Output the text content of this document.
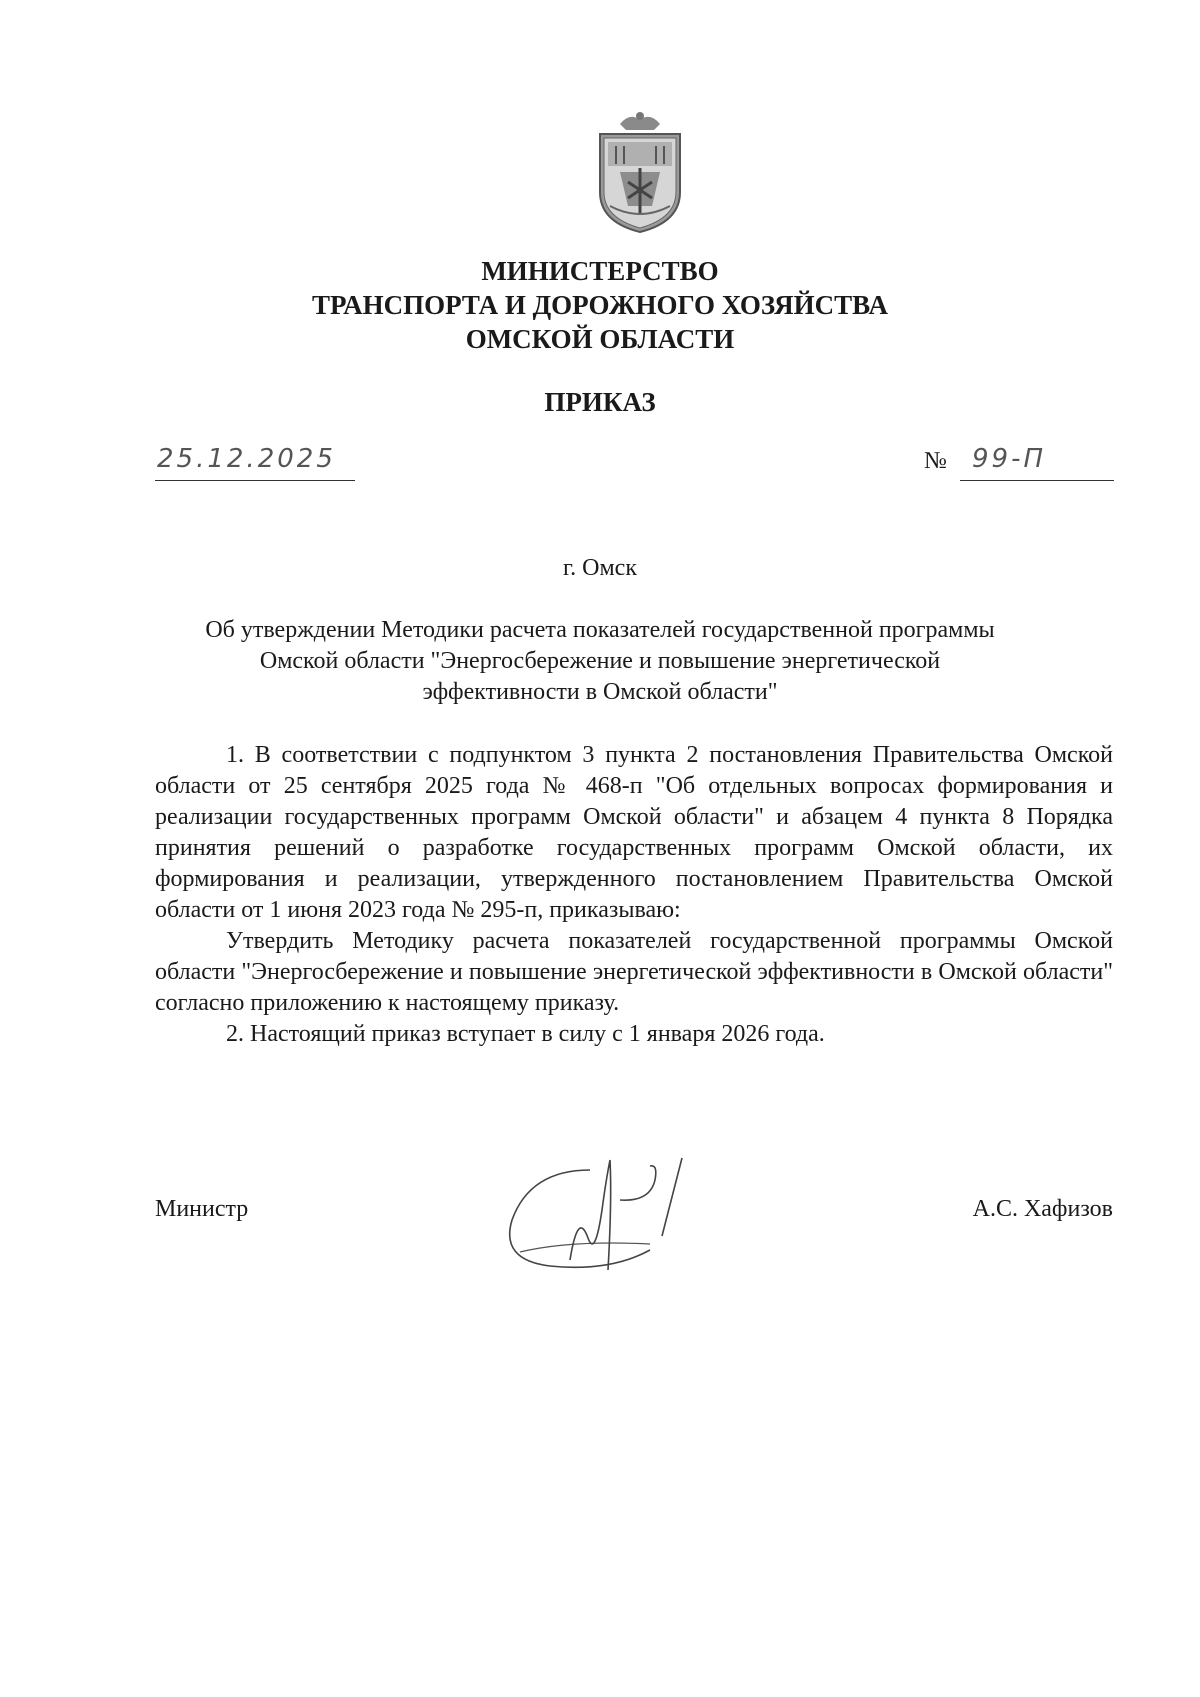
МИНИСТЕРСТВО
ТРАНСПОРТА И ДОРОЖНОГО ХОЗЯЙСТВА
ОМСКОЙ ОБЛАСТИ
ПРИКАЗ
25.12.2025	№ 99-П
г. Омск
Об утверждении Методики расчета показателей государственной программы
Омской области "Энергосбережение и повышение энергетической
эффективности в Омской области"

1. В соответствии с подпунктом 3 пункта 2 постановления Правительства Омской области от 25 сентября 2025 года № 468-п "Об отдельных вопросах формирования и реализации государственных программ Омской области" и абзацем 4 пункта 8 Порядка принятия решений о разработке государственных программ Омской области, их формирования и реализации, утвержденного постановлением Правительства Омской области от 1 июня 2023 года № 295-п, приказываю:

Утвердить Методику расчета показателей государственной программы Омской области "Энергосбережение и повышение энергетической эффективности в Омской области" согласно приложению к настоящему приказу.

2. Настоящий приказ вступает в силу с 1 января 2026 года.

Министр	А.С. Хафизов
